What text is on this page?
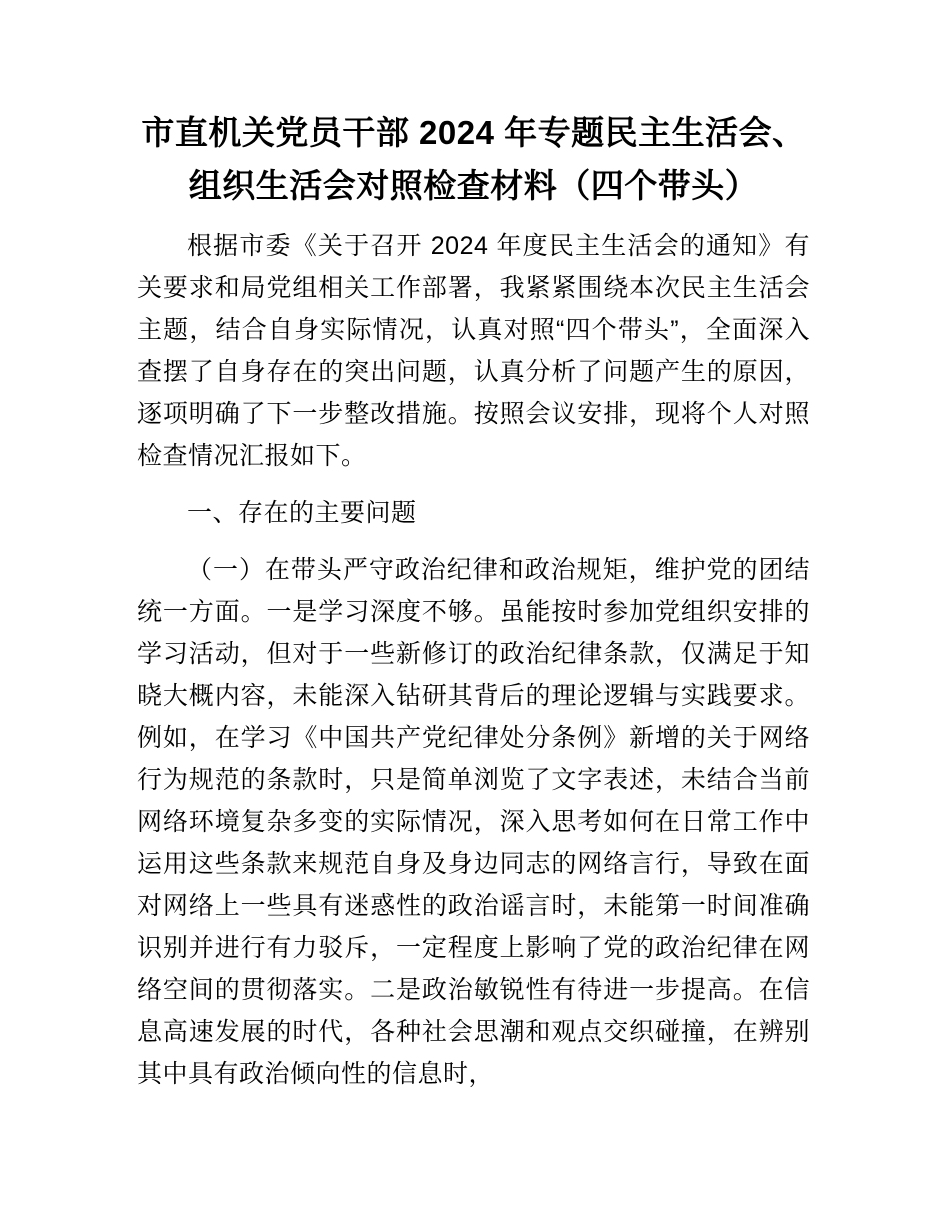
市直机关党员干部 2024 年专题民主生活会、
组织生活会对照检查材料（四个带头）

根据市委《关于召开 2024 年度民主生活会的通知》有关要求和局党组相关工作部署，我紧紧围绕本次民主生活会主题，结合自身实际情况，认真对照“四个带头”，全面深入查摆了自身存在的突出问题，认真分析了问题产生的原因，逐项明确了下一步整改措施。按照会议安排，现将个人对照检查情况汇报如下。

一、存在的主要问题

（一）在带头严守政治纪律和政治规矩，维护党的团结统一方面。一是学习深度不够。虽能按时参加党组织安排的学习活动，但对于一些新修订的政治纪律条款，仅满足于知晓大概内容，未能深入钻研其背后的理论逻辑与实践要求。例如，在学习《中国共产党纪律处分条例》新增的关于网络行为规范的条款时，只是简单浏览了文字表述，未结合当前网络环境复杂多变的实际情况，深入思考如何在日常工作中运用这些条款来规范自身及身边同志的网络言行，导致在面对网络上一些具有迷惑性的政治谣言时，未能第一时间准确识别并进行有力驳斥，一定程度上影响了党的政治纪律在网络空间的贯彻落实。二是政治敏锐性有待进一步提高。在信息高速发展的时代，各种社会思潮和观点交织碰撞，在辨别其中具有政治倾向性的信息时，
